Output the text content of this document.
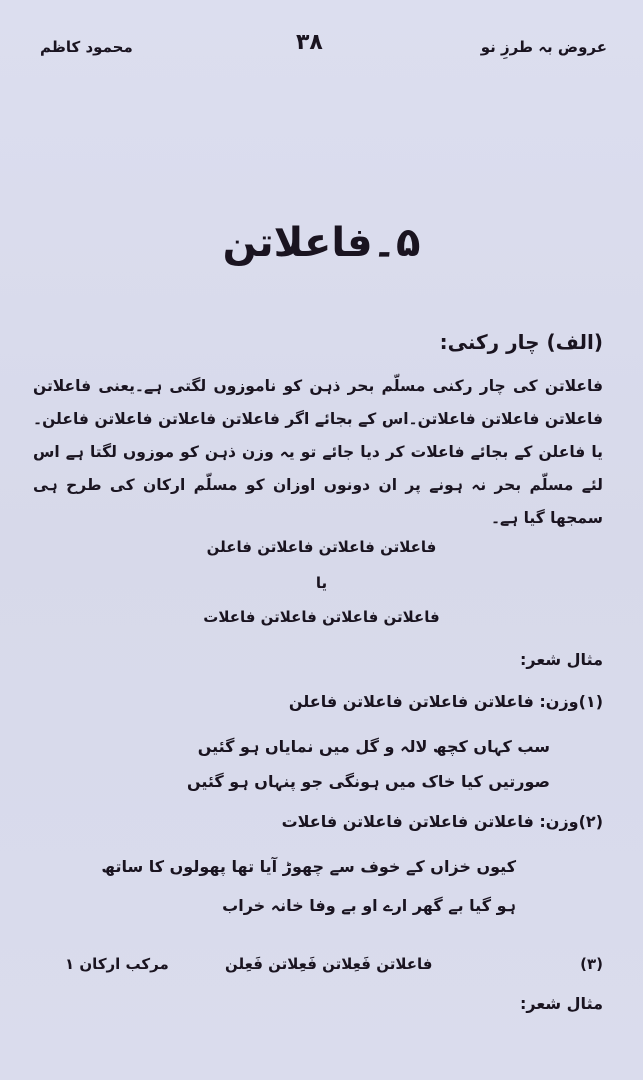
⠀
عروض بہ طرزِ نو
۳۸
محمود کاظم
۵۔فاعلاتن
(الف) چار رکنی:
فاعلاتن کی چار رکنی مسلّم بحر ذہن کو ناموزوں لگتی ہے۔یعنی فاعلاتن فاعلاتن فاعلاتن فاعلاتن۔اس کے بجائے اگر فاعلاتن فاعلاتن فاعلاتن فاعلن۔یا فاعلن کے بجائے فاعلات کر دیا جائے تو یہ وزن ذہن کو موزوں لگتا ہے اس لئے مسلّم بحر نہ ہونے پر ان دونوں اوزان کو مسلّم ارکان کی طرح ہی سمجھا گیا ہے۔
فاعلاتن فاعلاتن فاعلاتن فاعلن
یا
فاعلاتن فاعلاتن فاعلاتن فاعلات
مثال شعر:
(۱)وزن: فاعلاتن فاعلاتن فاعلاتن فاعلن
سب کہاں کچھ لالہ و گل میں نمایاں ہو گئیں
صورتیں کیا خاک میں ہونگی جو پنہاں ہو گئیں
(۲)وزن: فاعلاتن فاعلاتن فاعلاتن فاعلات
کیوں خزاں کے خوف سے چھوڑ آیا تھا پھولوں کا ساتھ
ہو گیا بے گھر ارے او بے وفا خانہ خراب
(۳)
فاعلاتن فَعِلاتن فَعِلاتن فَعِلن
مرکب ارکان ۱
مثال شعر:
